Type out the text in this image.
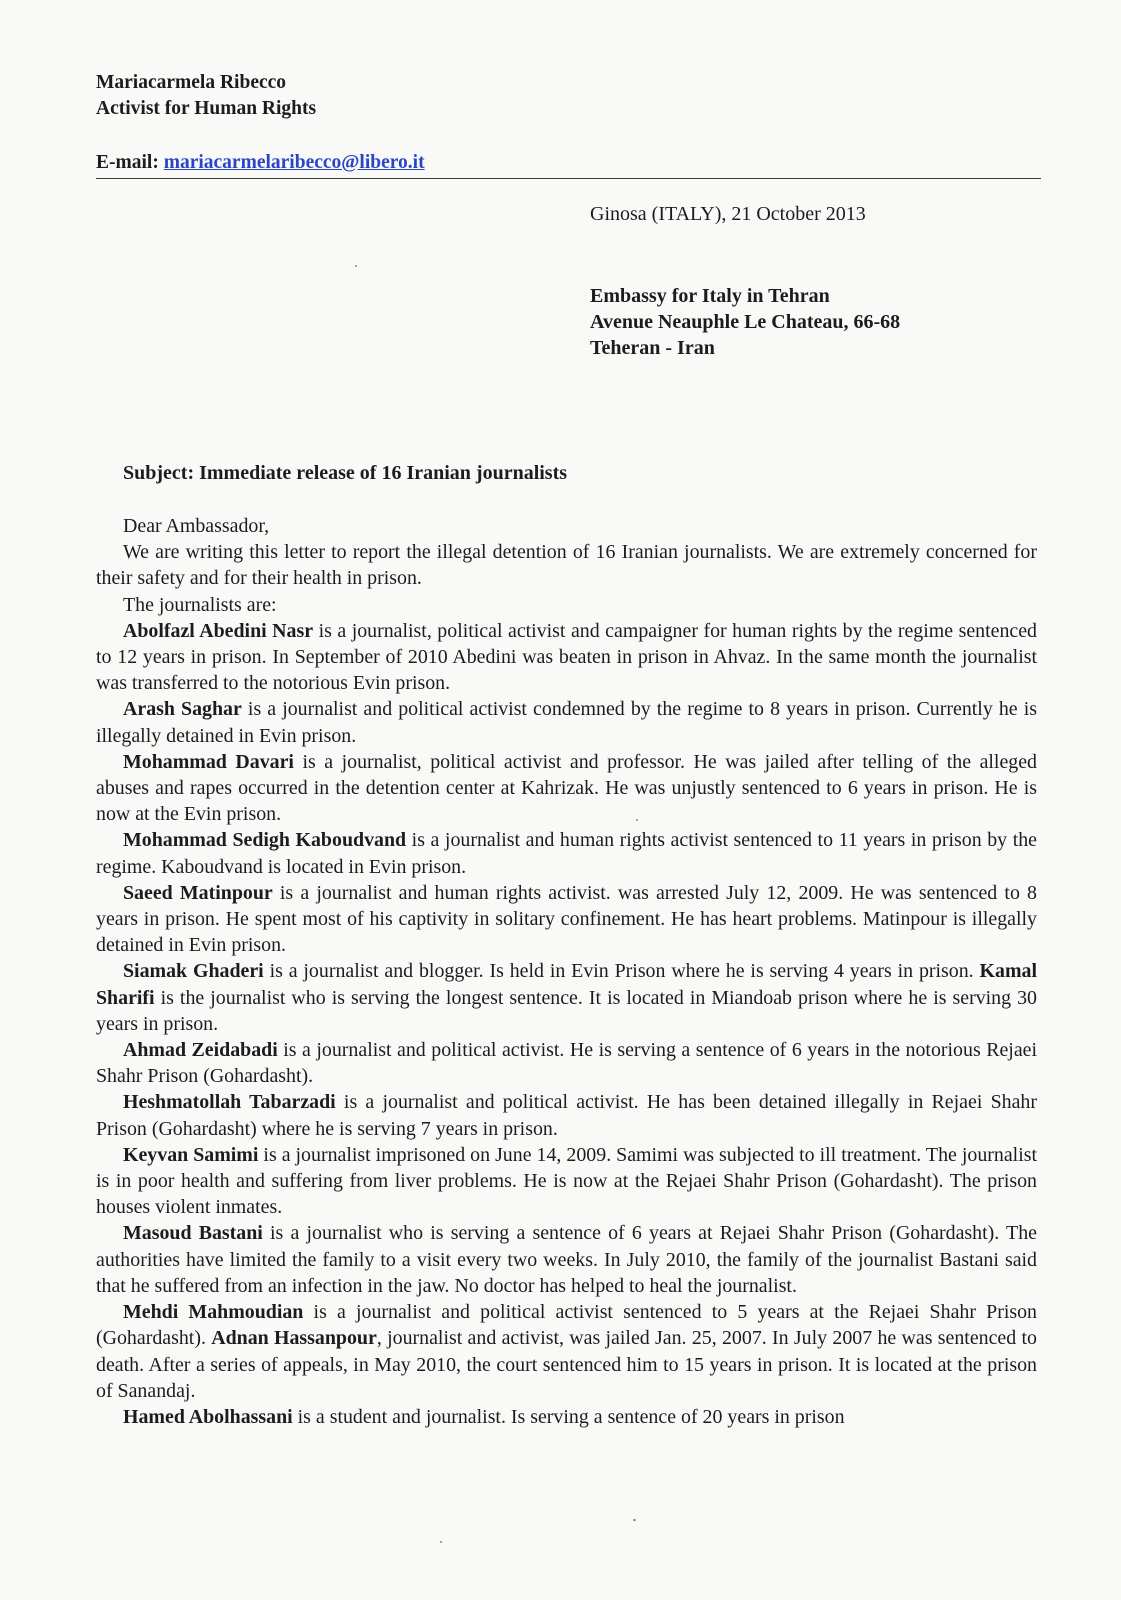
Mariacarmela Ribecco
Activist for Human Rights
E-mail: mariacarmelaribecco@libero.it
Ginosa (ITALY), 21 October 2013
Embassy for Italy in Tehran
Avenue Neauphle Le Chateau, 66-68
Teheran - Iran
Subject: Immediate release of 16 Iranian journalists

Dear Ambassador,

We are writing this letter to report the illegal detention of 16 Iranian journalists. We are extremely concerned for their safety and for their health in prison.

The journalists are:

Abolfazl Abedini Nasr is a journalist, political activist and campaigner for human rights by the regime sentenced to 12 years in prison. In September of 2010 Abedini was beaten in prison in Ahvaz. In the same month the journalist was transferred to the notorious Evin prison.

Arash Saghar is a journalist and political activist condemned by the regime to 8 years in prison. Currently he is illegally detained in Evin prison.

Mohammad Davari is a journalist, political activist and professor. He was jailed after telling of the alleged abuses and rapes occurred in the detention center at Kahrizak. He was unjustly sentenced to 6 years in prison. He is now at the Evin prison.

Mohammad Sedigh Kaboudvand is a journalist and human rights activist sentenced to 11 years in prison by the regime. Kaboudvand is located in Evin prison.

Saeed Matinpour is a journalist and human rights activist. was arrested July 12, 2009. He was sentenced to 8 years in prison. He spent most of his captivity in solitary confinement. He has heart problems. Matinpour is illegally detained in Evin prison.

Siamak Ghaderi is a journalist and blogger. Is held in Evin Prison where he is serving 4 years in prison. Kamal Sharifi is the journalist who is serving the longest sentence. It is located in Miandoab prison where he is serving 30 years in prison.

Ahmad Zeidabadi is a journalist and political activist. He is serving a sentence of 6 years in the notorious Rejaei Shahr Prison (Gohardasht).

Heshmatollah Tabarzadi is a journalist and political activist. He has been detained illegally in Rejaei Shahr Prison (Gohardasht) where he is serving 7 years in prison.

Keyvan Samimi is a journalist imprisoned on June 14, 2009. Samimi was subjected to ill treatment. The journalist is in poor health and suffering from liver problems. He is now at the Rejaei Shahr Prison (Gohardasht). The prison houses violent inmates.

Masoud Bastani is a journalist who is serving a sentence of 6 years at Rejaei Shahr Prison (Gohardasht). The authorities have limited the family to a visit every two weeks. In July 2010, the family of the journalist Bastani said that he suffered from an infection in the jaw. No doctor has helped to heal the journalist.

Mehdi Mahmoudian is a journalist and political activist sentenced to 5 years at the Rejaei Shahr Prison (Gohardasht). Adnan Hassanpour, journalist and activist, was jailed Jan. 25, 2007. In July 2007 he was sentenced to death. After a series of appeals, in May 2010, the court sentenced him to 15 years in prison. It is located at the prison of Sanandaj.

Hamed Abolhassani is a student and journalist. Is serving a sentence of 20 years in prison
